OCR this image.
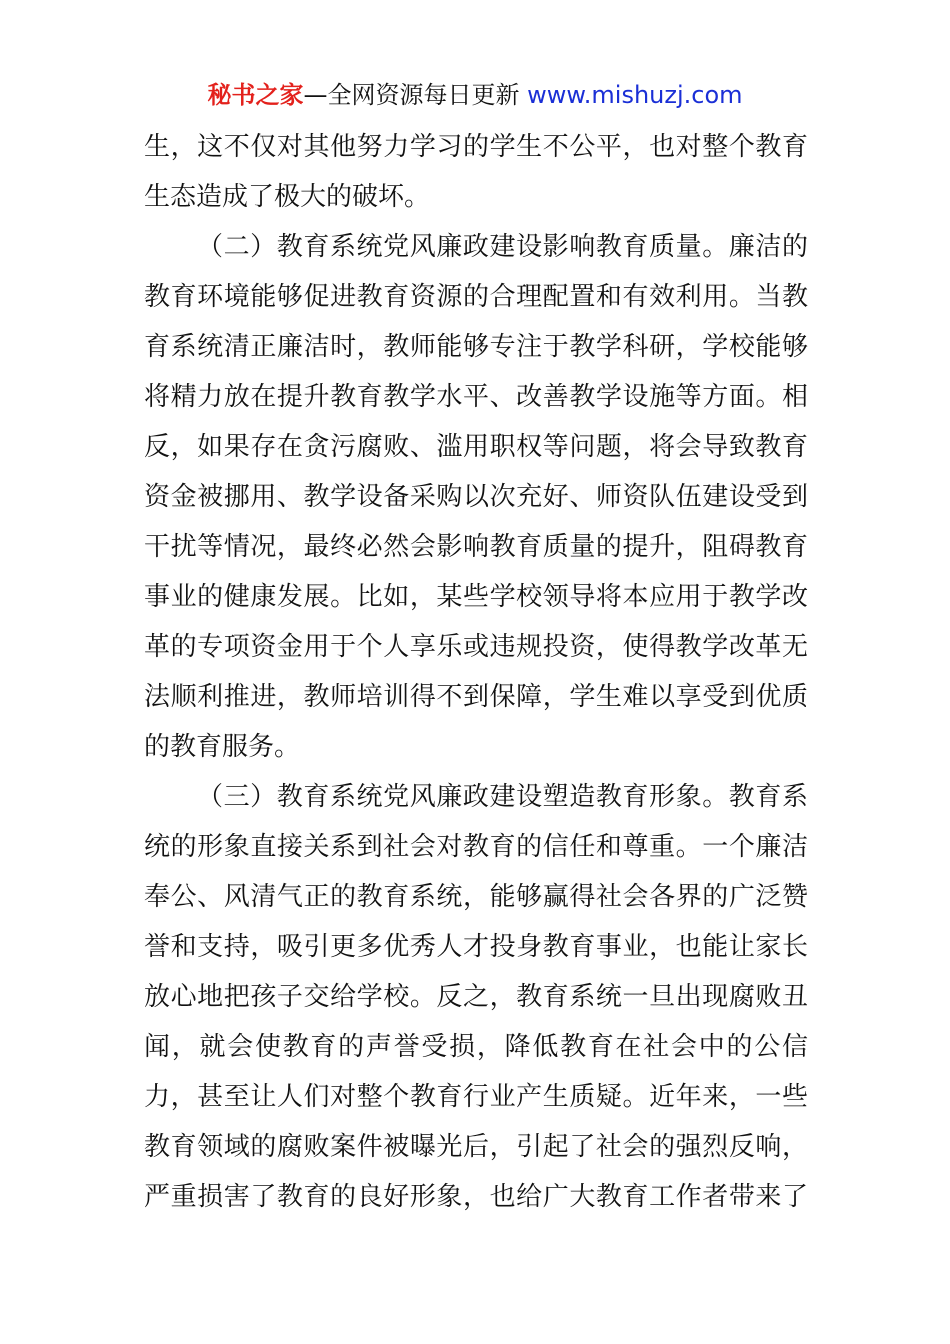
秘书之家—全网资源每日更新 www.mishuzj.com
生，这不仅对其他努力学习的学生不公平，也对整个教育
生态造成了极大的破坏。
（二）教育系统党风廉政建设影响教育质量。廉洁的
教育环境能够促进教育资源的合理配置和有效利用。当教
育系统清正廉洁时，教师能够专注于教学科研，学校能够
将精力放在提升教育教学水平、改善教学设施等方面。相
反，如果存在贪污腐败、滥用职权等问题，将会导致教育
资金被挪用、教学设备采购以次充好、师资队伍建设受到
干扰等情况，最终必然会影响教育质量的提升，阻碍教育
事业的健康发展。比如，某些学校领导将本应用于教学改
革的专项资金用于个人享乐或违规投资，使得教学改革无
法顺利推进，教师培训得不到保障，学生难以享受到优质
的教育服务。
（三）教育系统党风廉政建设塑造教育形象。教育系
统的形象直接关系到社会对教育的信任和尊重。一个廉洁
奉公、风清气正的教育系统，能够赢得社会各界的广泛赞
誉和支持，吸引更多优秀人才投身教育事业，也能让家长
放心地把孩子交给学校。反之，教育系统一旦出现腐败丑
闻，就会使教育的声誉受损，降低教育在社会中的公信
力，甚至让人们对整个教育行业产生质疑。近年来，一些
教育领域的腐败案件被曝光后，引起了社会的强烈反响，
严重损害了教育的良好形象，也给广大教育工作者带来了
